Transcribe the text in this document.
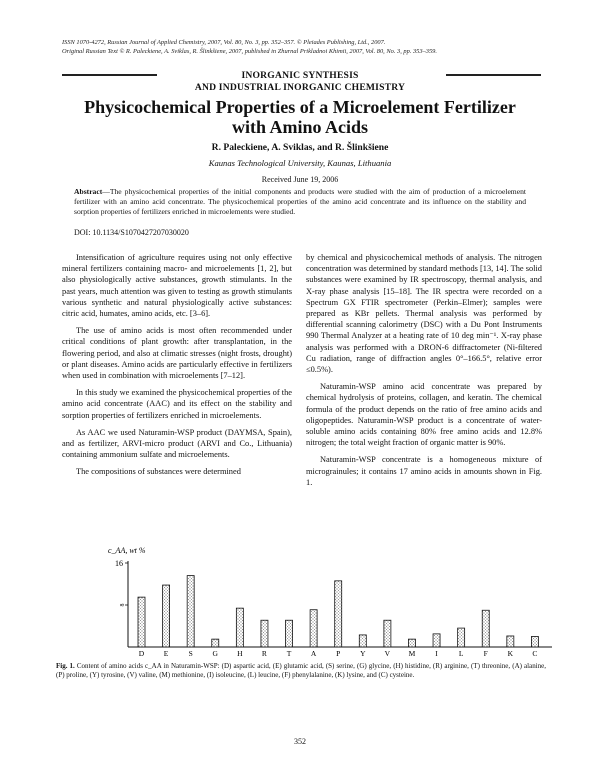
ISSN 1070-4272, Russian Journal of Applied Chemistry, 2007, Vol. 80, No. 3, pp. 352–357. © Pleiades Publishing, Ltd., 2007.
Original Russian Text © R. Paleckiene, A. Sviklas, R. Šlinkšiene, 2007, published in Zhurnal Prikladnoi Khimii, 2007, Vol. 80, No. 3, pp. 353–359.
INORGANIC SYNTHESIS
AND INDUSTRIAL INORGANIC CHEMISTRY
Physicochemical Properties of a Microelement Fertilizer
with Amino Acids
R. Paleckiene, A. Sviklas, and R. Šlinkšiene
Kaunas Technological University, Kaunas, Lithuania
Received June 19, 2006
Abstract—The physicochemical properties of the initial components and products were studied with the aim of production of a microelement fertilizer with an amino acid concentrate. The physicochemical properties of the amino acid concentrate and its influence on the stability and sorption properties of fertilizers enriched in microelements were studied.
DOI: 10.1134/S1070427207030020

Intensification of agriculture requires using not only effective mineral fertilizers containing macro- and microelements [1, 2], but also physiologically active substances, growth stimulants. In the past years, much attention was given to testing as growth stimulants various synthetic and natural physiologically active substances: citric acid, humates, amino acids, etc. [3–6].

The use of amino acids is most often recommended under critical conditions of plant growth: after transplantation, in the flowering period, and also at climatic stresses (night frosts, drought) or plant diseases. Amino acids are particularly effective in fertilizers when used in combination with microelements [7–12].

In this study we examined the physicochemical properties of the amino acid concentrate (AAC) and its effect on the stability and sorption properties of fertilizers enriched in microelements.

As AAC we used Naturamin-WSP product (DAYMSA, Spain), and as fertilizer, ARVI-micro product (ARVI and Co., Lithuania) containing ammonium sulfate and microelements.

The compositions of substances were determined

by chemical and physicochemical methods of analysis. The nitrogen concentration was determined by standard methods [13, 14]. The solid substances were examined by IR spectroscopy, thermal analysis, and X-ray phase analysis [15–18]. The IR spectra were recorded on a Spectrum GX FTIR spectrometer (Perkin–Elmer); samples were prepared as KBr pellets. Thermal analysis was performed by differential scanning calorimetry (DSC) with a Du Pont Instruments 990 Thermal Analyzer at a heating rate of 10 deg min⁻¹. X-ray phase analysis was performed with a DRON-6 diffractometer (Ni-filtered Cu radiation, range of diffraction angles 0°–166.5°, relative error ≤0.5%).

Naturamin-WSP amino acid concentrate was prepared by chemical hydrolysis of proteins, collagen, and keratin. The chemical formula of the product depends on the ratio of free amino acids and oligopeptides. Naturamin-WSP product is a concentrate of water-soluble amino acids containing 80% free amino acids and 12.8% nitrogen; the total weight fraction of organic matter is 90%.

Naturamin-WSP concentrate is a homogeneous mixture of micrograinules; it contains 17 amino acids in amounts shown in Fig. 1.

c_AA, wt %
16
8
D	E	S	G	H	R	T	A	P	Y	V M	I	L	F	K	C
Fig. 1. Content of amino acids c_AA in Naturamin-WSP: (D) aspartic acid, (E) glutamic acid, (S) serine, (G) glycine, (H) histidine, (R) arginine, (T) threonine, (A) alanine, (P) proline, (Y) tyrosine, (V) valine, (M) methionine, (I) isoleucine, (L) leucine, (F) phenylalanine, (K) lysine, and (C) cysteine.
352
